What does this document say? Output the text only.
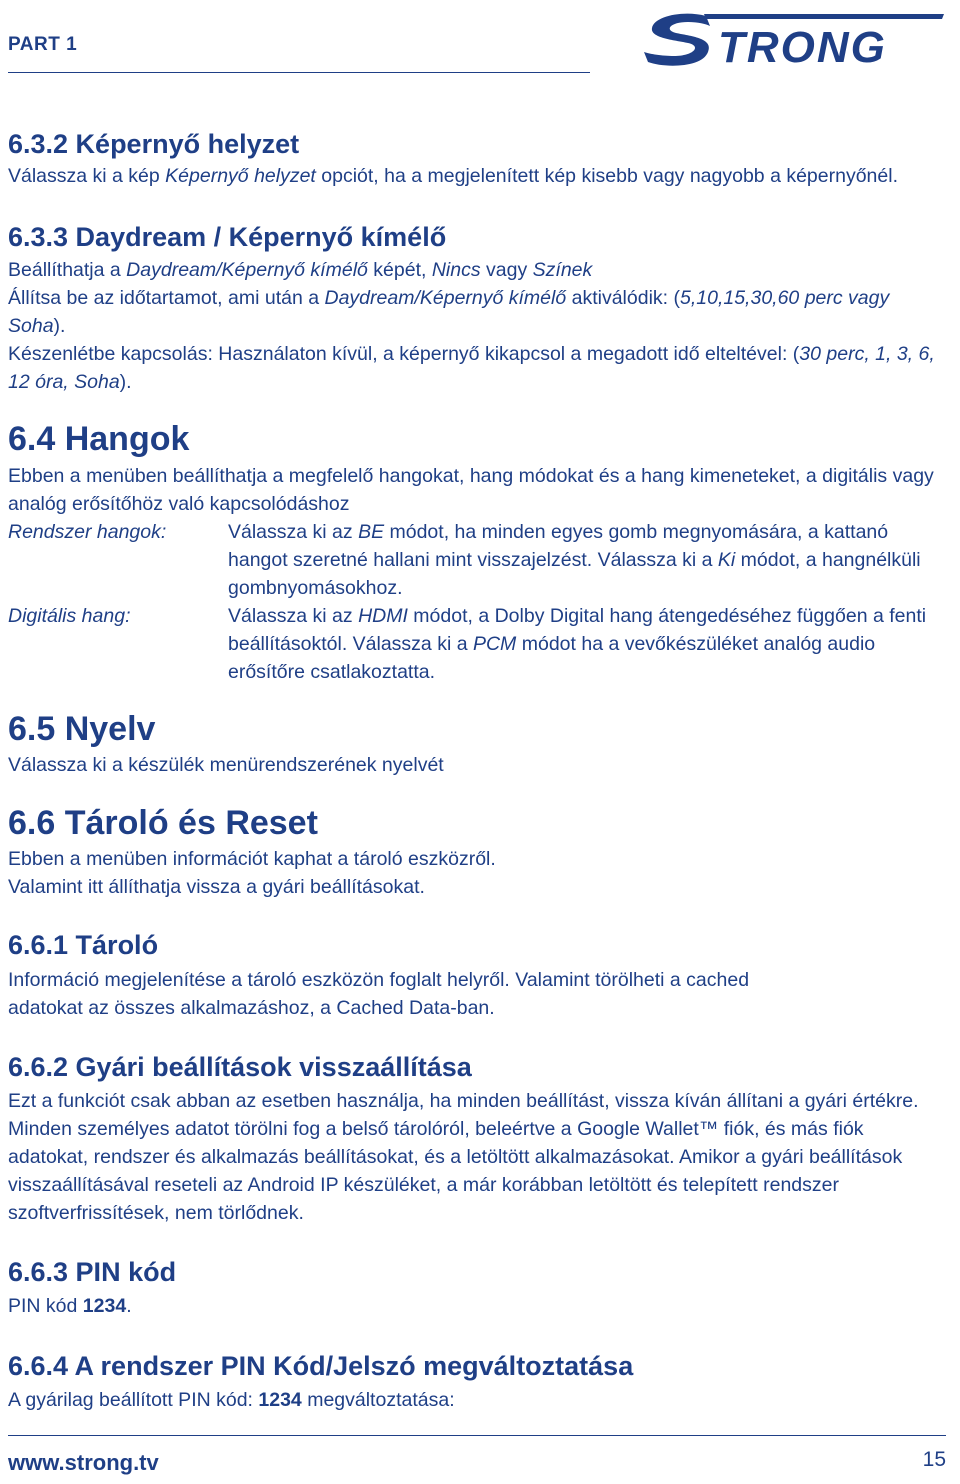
PART 1	TRONG
6.3.2 Képernyő helyzet

Válassza ki a kép Képernyő helyzet opciót, ha a megjelenített kép kisebb vagy nagyobb a képernyőnél.

6.3.3 Daydream / Képernyő kímélő

Beállíthatja a Daydream/Képernyő kímélő képét, Nincs vagy Színek

Állítsa be az időtartamot, ami után a Daydream/Képernyő kímélő aktiválódik: (5,10,15,30,60 perc vagy Soha).

Készenlétbe kapcsolás: Használaton kívül, a képernyő kikapcsol a megadott idő elteltével: (30 perc, 1, 3, 6, 12 óra, Soha).

6.4 Hangok

Ebben a menüben beállíthatja a megfelelő hangokat, hang módokat és a hang kimeneteket, a digitális vagy analóg erősítőhöz való kapcsolódáshoz

Rendszer hangok:	Válassza ki az BE módot, ha minden egyes gomb megnyomására, a kattanó hangot szeretné hallani mint visszajelzést. Válassza ki a Ki módot, a hangnélküli gombnyomásokhoz.

Digitális hang:	Válassza ki az HDMI módot, a Dolby Digital hang átengedéséhez függően a fenti beállításoktól. Válassza ki a PCM módot ha a vevőkészüléket analóg audio erősítőre csatlakoztatta.

6.5 Nyelv

Válassza ki a készülék menürendszerének nyelvét

6.6 Tároló és Reset

Ebben a menüben információt kaphat a tároló eszközről. Valamint itt állíthatja vissza a gyári beállításokat.

6.6.1 Tároló

Információ megjelenítése a tároló eszközön foglalt helyről. Valamint törölheti a cached adatokat az összes alkalmazáshoz, a Cached Data-ban.

6.6.2 Gyári beállítások visszaállítása

Ezt a funkciót csak abban az esetben használja, ha minden beállítást, vissza kíván állítani a gyári értékre. Minden személyes adatot törölni fog a belső tárolóról, beleértve a Google Wallet™ fiók, és más fiók adatokat, rendszer és alkalmazás beállításokat, és a letöltött alkalmazásokat. Amikor a gyári beállítások visszaállításával reseteli az Android IP készüléket, a már korábban letöltött és telepített rendszer szoftverfrissítések, nem törlődnek.

6.6.3 PIN kód

PIN kód 1234.

6.6.4 A rendszer PIN Kód/Jelszó megváltoztatása

A gyárilag beállított PIN kód: 1234 megváltoztatása:

www.strong.tv	15
